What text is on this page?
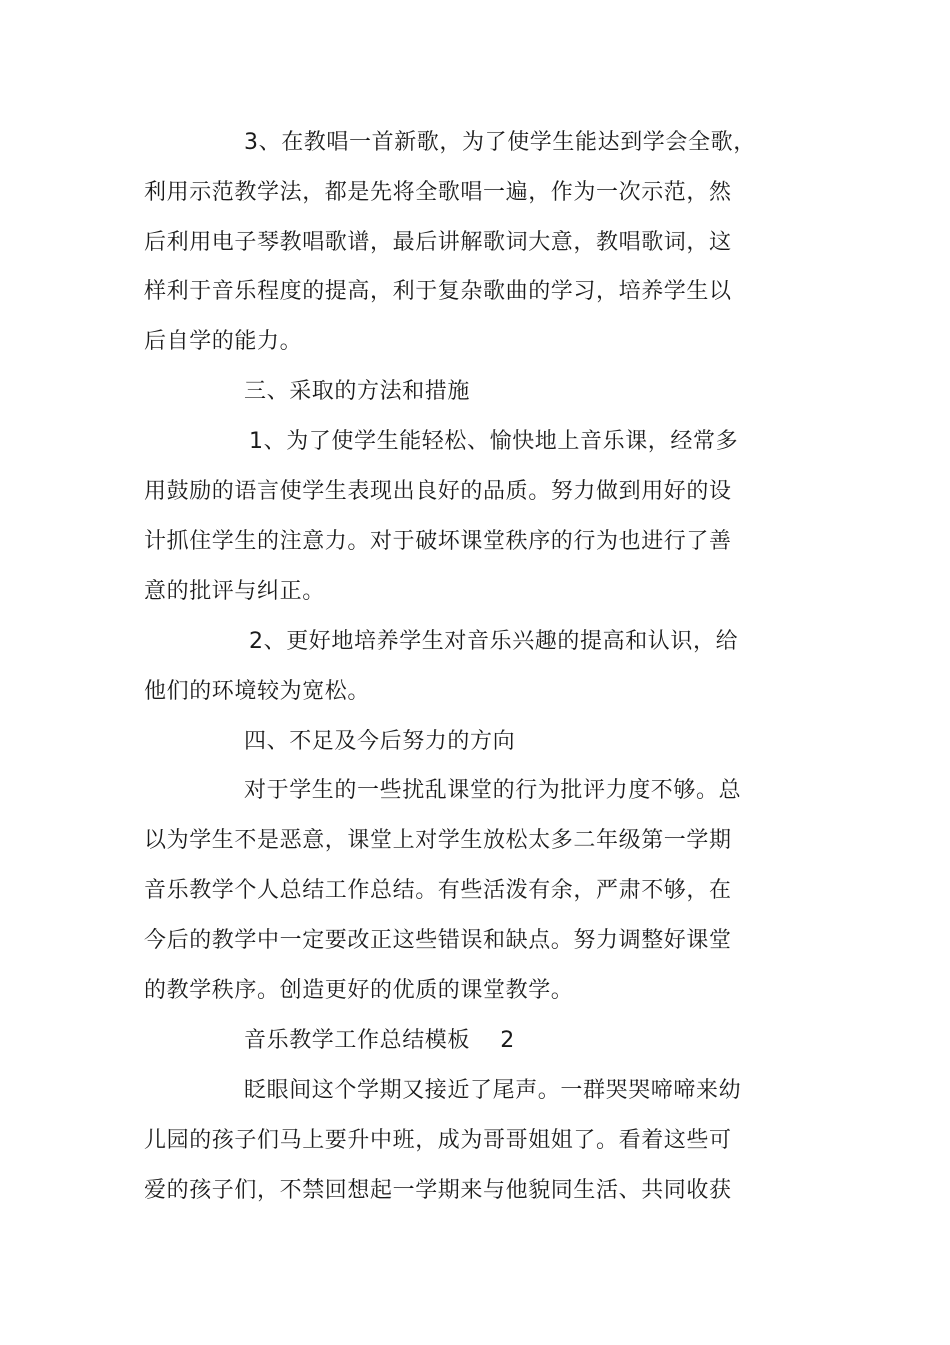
3、在教唱一首新歌，为了使学生能达到学会全歌，
利用示范教学法，都是先将全歌唱一遍，作为一次示范，然
后利用电子琴教唱歌谱，最后讲解歌词大意，教唱歌词，这
样利于音乐程度的提高，利于复杂歌曲的学习，培养学生以
后自学的能力。
三、采取的方法和措施
1、为了使学生能轻松、愉快地上音乐课，经常多
用鼓励的语言使学生表现出良好的品质。努力做到用好的设
计抓住学生的注意力。对于破坏课堂秩序的行为也进行了善
意的批评与纠正。
2、更好地培养学生对音乐兴趣的提高和认识，给
他们的环境较为宽松。
四、不足及今后努力的方向
对于学生的一些扰乱课堂的行为批评力度不够。总
以为学生不是恶意，课堂上对学生放松太多二年级第一学期
音乐教学个人总结工作总结。有些活泼有余，严肃不够，在
今后的教学中一定要改正这些错误和缺点。努力调整好课堂
的教学秩序。创造更好的优质的课堂教学。
音乐教学工作总结模板　 2
眨眼间这个学期又接近了尾声。一群哭哭啼啼来幼
儿园的孩子们马上要升中班，成为哥哥姐姐了。看着这些可
爱的孩子们，不禁回想起一学期来与他貌同生活、共同收获
